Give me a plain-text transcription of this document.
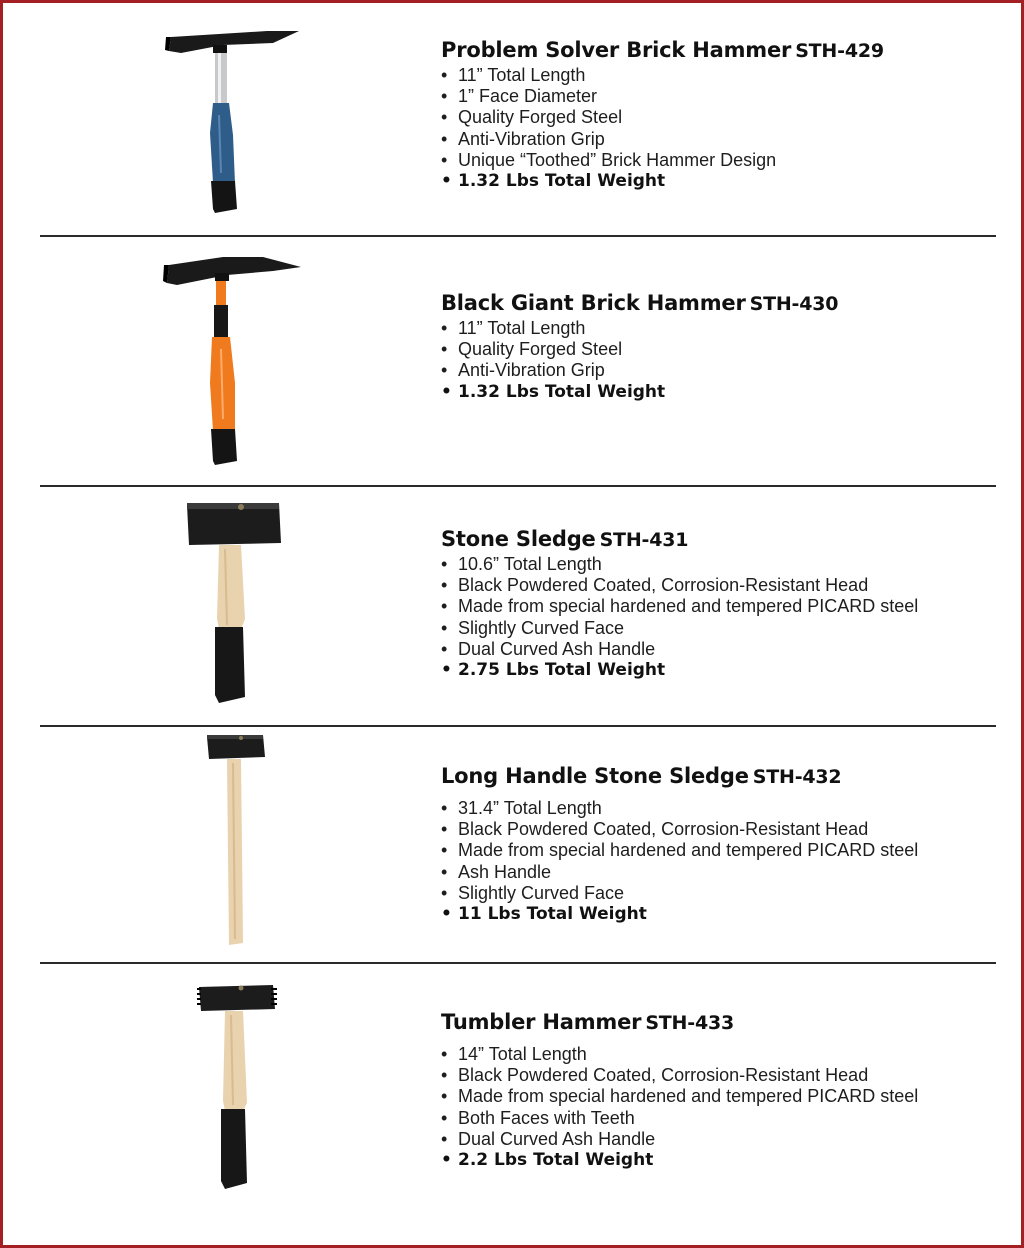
Problem Solver Brick Hammer STH-429
• 11” Total Length
• 1” Face Diameter
• Quality Forged Steel
• Anti-Vibration Grip
• Unique “Toothed” Brick Hammer Design
• 1.32 Lbs Total Weight
Black Giant Brick Hammer STH-430
• 11” Total Length
• Quality Forged Steel
• Anti-Vibration Grip
• 1.32 Lbs Total Weight
Stone Sledge STH-431
• 10.6” Total Length
• Black Powdered Coated, Corrosion-Resistant Head
• Made from special hardened and tempered PICARD steel
• Slightly Curved Face
• Dual Curved Ash Handle
• 2.75 Lbs Total Weight
Long Handle Stone Sledge STH-432
• 31.4” Total Length
• Black Powdered Coated, Corrosion-Resistant Head
• Made from special hardened and tempered PICARD steel
• Ash Handle
• Slightly Curved Face
• 11 Lbs Total Weight
Tumbler Hammer STH-433
• 14” Total Length
• Black Powdered Coated, Corrosion-Resistant Head
• Made from special hardened and tempered PICARD steel
• Both Faces with Teeth
• Dual Curved Ash Handle
• 2.2 Lbs Total Weight
